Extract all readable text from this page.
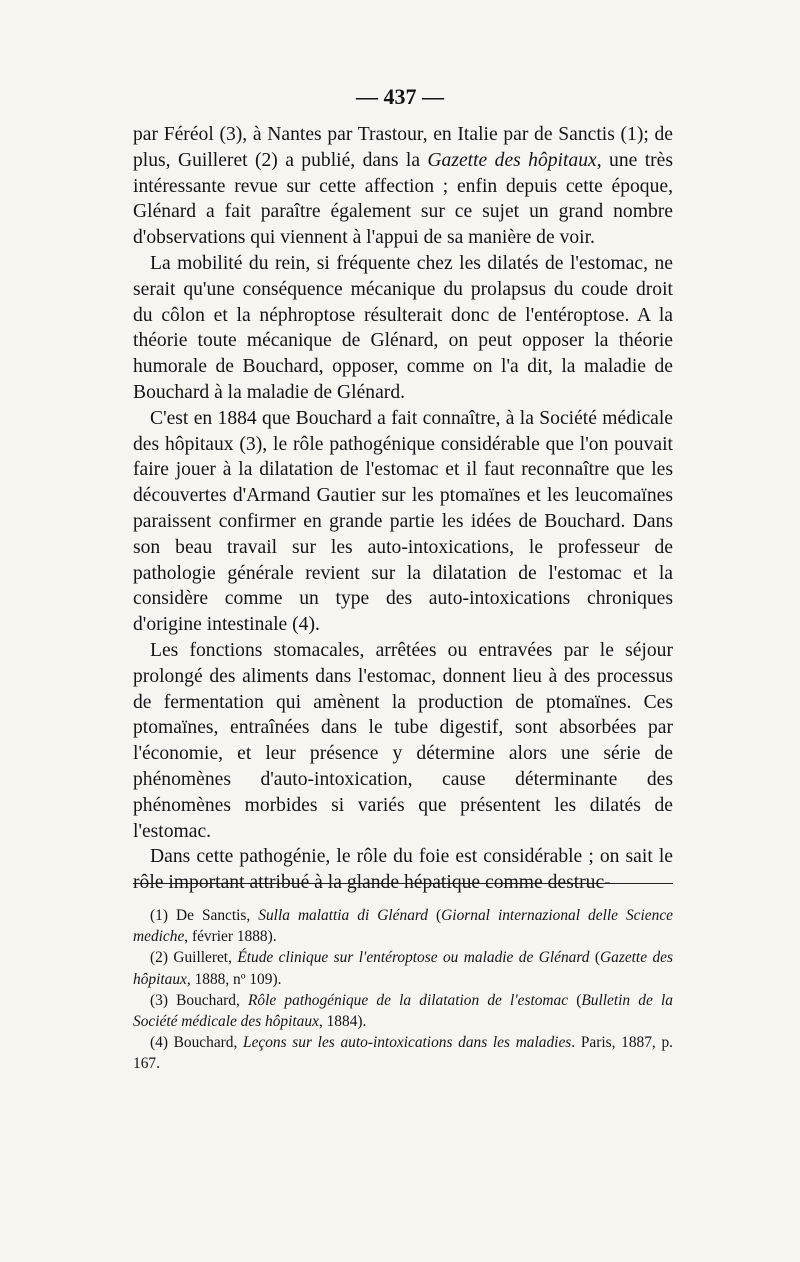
— 437 —

par Féréol (3), à Nantes par Trastour, en Italie par de Sanctis (1); de plus, Guilleret (2) a publié, dans la Gazette des hôpitaux, une très intéressante revue sur cette affection ; enfin depuis cette époque, Glénard a fait paraître également sur ce sujet un grand nombre d'observations qui viennent à l'appui de sa manière de voir.

La mobilité du rein, si fréquente chez les dilatés de l'estomac, ne serait qu'une conséquence mécanique du prolapsus du coude droit du côlon et la néphroptose résulterait donc de l'entéroptose. A la théorie toute mécanique de Glénard, on peut opposer la théorie humorale de Bouchard, opposer, comme on l'a dit, la maladie de Bouchard à la maladie de Glénard.

C'est en 1884 que Bouchard a fait connaître, à la Société médicale des hôpitaux (3), le rôle pathogénique considérable que l'on pouvait faire jouer à la dilatation de l'estomac et il faut reconnaître que les découvertes d'Armand Gautier sur les ptomaïnes et les leucomaïnes paraissent confirmer en grande partie les idées de Bouchard. Dans son beau travail sur les auto-intoxications, le professeur de pathologie générale revient sur la dilatation de l'estomac et la considère comme un type des auto-intoxications chroniques d'origine intestinale (4).

Les fonctions stomacales, arrêtées ou entravées par le séjour prolongé des aliments dans l'estomac, donnent lieu à des processus de fermentation qui amènent la production de ptomaïnes. Ces ptomaïnes, entraînées dans le tube digestif, sont absorbées par l'économie, et leur présence y détermine alors une série de phénomènes d'auto-intoxication, cause déterminante des phénomènes morbides si variés que présentent les dilatés de l'estomac.

Dans cette pathogénie, le rôle du foie est considérable ; on sait le rôle important attribué à la glande hépatique comme destruc-

(1) De Sanctis, Sulla malattia di Glénard (Giornal internazional delle Science mediche, février 1888).

(2) Guilleret, Étude clinique sur l'entéroptose ou maladie de Glénard (Gazette des hôpitaux, 1888, nº 109).

(3) Bouchard, Rôle pathogénique de la dilatation de l'estomac (Bulletin de la Société médicale des hôpitaux, 1884).

(4) Bouchard, Leçons sur les auto-intoxications dans les maladies. Paris, 1887, p. 167.
